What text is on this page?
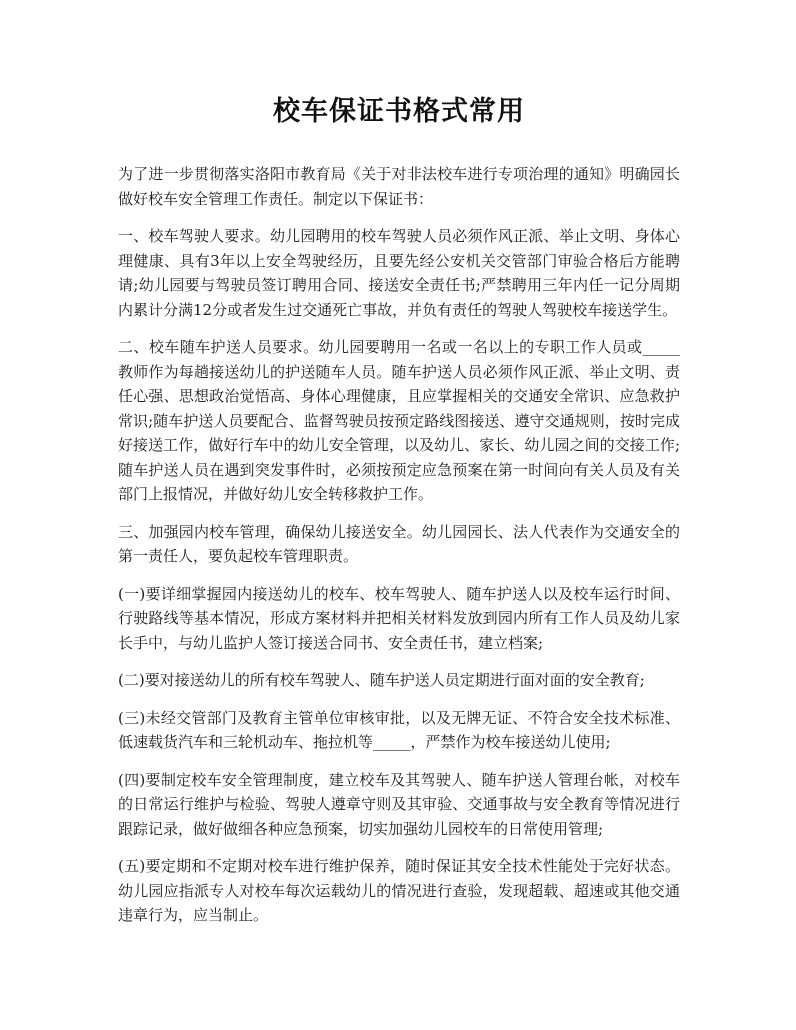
校车保证书格式常用

为了进一步贯彻落实洛阳市教育局《关于对非法校车进行专项治理的通知》明确园长做好校车安全管理工作责任。制定以下保证书：

一、校车驾驶人要求。幼儿园聘用的校车驾驶人员必须作风正派、举止文明、身体心理健康、具有3年以上安全驾驶经历，且要先经公安机关交管部门审验合格后方能聘请;幼儿园要与驾驶员签订聘用合同、接送安全责任书;严禁聘用三年内任一记分周期内累计分满12分或者发生过交通死亡事故，并负有责任的驾驶人驾驶校车接送学生。

二、校车随车护送人员要求。幼儿园要聘用一名或一名以上的专职工作人员或_____教师作为每趟接送幼儿的护送随车人员。随车护送人员必须作风正派、举止文明、责任心强、思想政治觉悟高、身体心理健康，且应掌握相关的交通安全常识、应急救护常识;随车护送人员要配合、监督驾驶员按预定路线图接送、遵守交通规则，按时完成好接送工作，做好行车中的幼儿安全管理，以及幼儿、家长、幼儿园之间的交接工作;随车护送人员在遇到突发事件时，必须按预定应急预案在第一时间向有关人员及有关部门上报情况，并做好幼儿安全转移救护工作。

三、加强园内校车管理，确保幼儿接送安全。幼儿园园长、法人代表作为交通安全的第一责任人，要负起校车管理职责。

(一)要详细掌握园内接送幼儿的校车、校车驾驶人、随车护送人以及校车运行时间、行驶路线等基本情况，形成方案材料并把相关材料发放到园内所有工作人员及幼儿家长手中，与幼儿监护人签订接送合同书、安全责任书，建立档案;

(二)要对接送幼儿的所有校车驾驶人、随车护送人员定期进行面对面的安全教育;

(三)未经交管部门及教育主管单位审核审批，以及无牌无证、不符合安全技术标准、低速载货汽车和三轮机动车、拖拉机等_____，严禁作为校车接送幼儿使用;

(四)要制定校车安全管理制度，建立校车及其驾驶人、随车护送人管理台帐，对校车的日常运行维护与检验、驾驶人遵章守则及其审验、交通事故与安全教育等情况进行跟踪记录，做好做细各种应急预案，切实加强幼儿园校车的日常使用管理;

(五)要定期和不定期对校车进行维护保养，随时保证其安全技术性能处于完好状态。幼儿园应指派专人对校车每次运载幼儿的情况进行查验，发现超载、超速或其他交通违章行为，应当制止。
